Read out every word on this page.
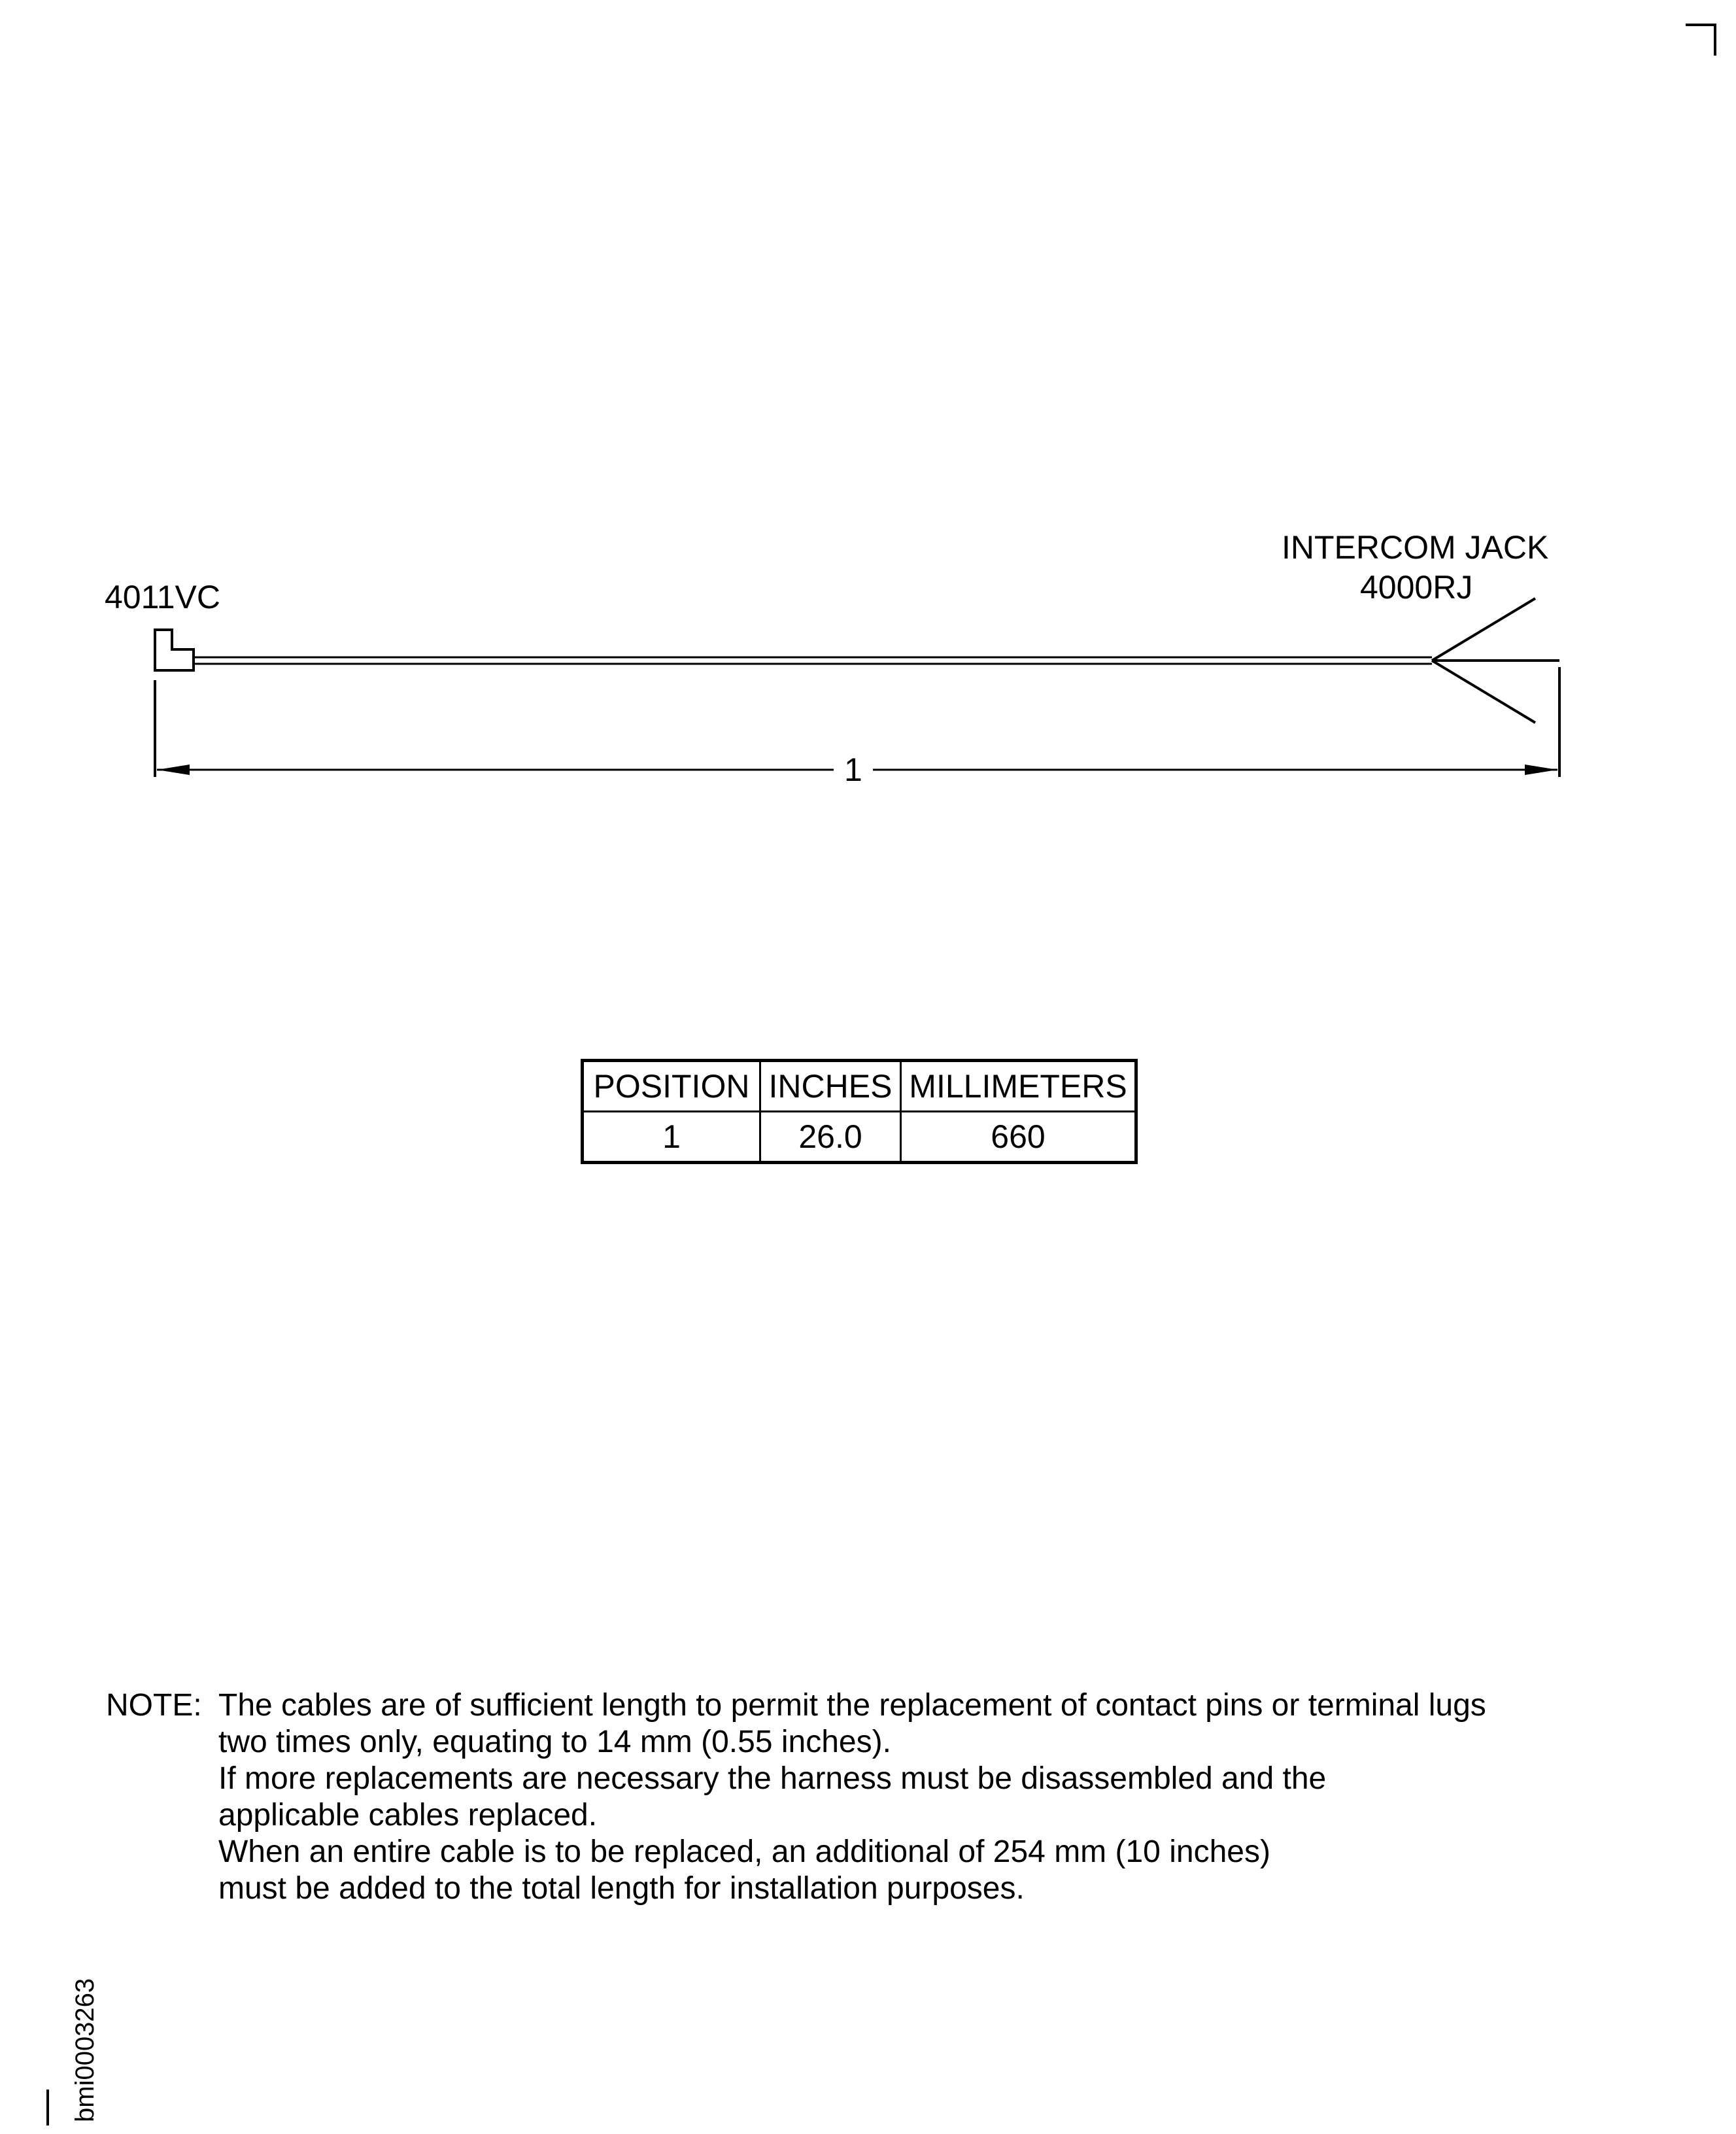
4011VC
INTERCOM JACK
4000RJ
1
POSITION	INCHES	MILLIMETERS
1	26.0	660
NOTE: The cables are of sufficient length to permit the replacement of contact pins or terminal lugs
two times only, equating to 14 mm (0.55 inches).
If more replacements are necessary the harness must be disassembled and the
applicable cables replaced.
When an entire cable is to be replaced, an additional of 254 mm (10 inches)
must be added to the total length for installation purposes.
bmi0003263
